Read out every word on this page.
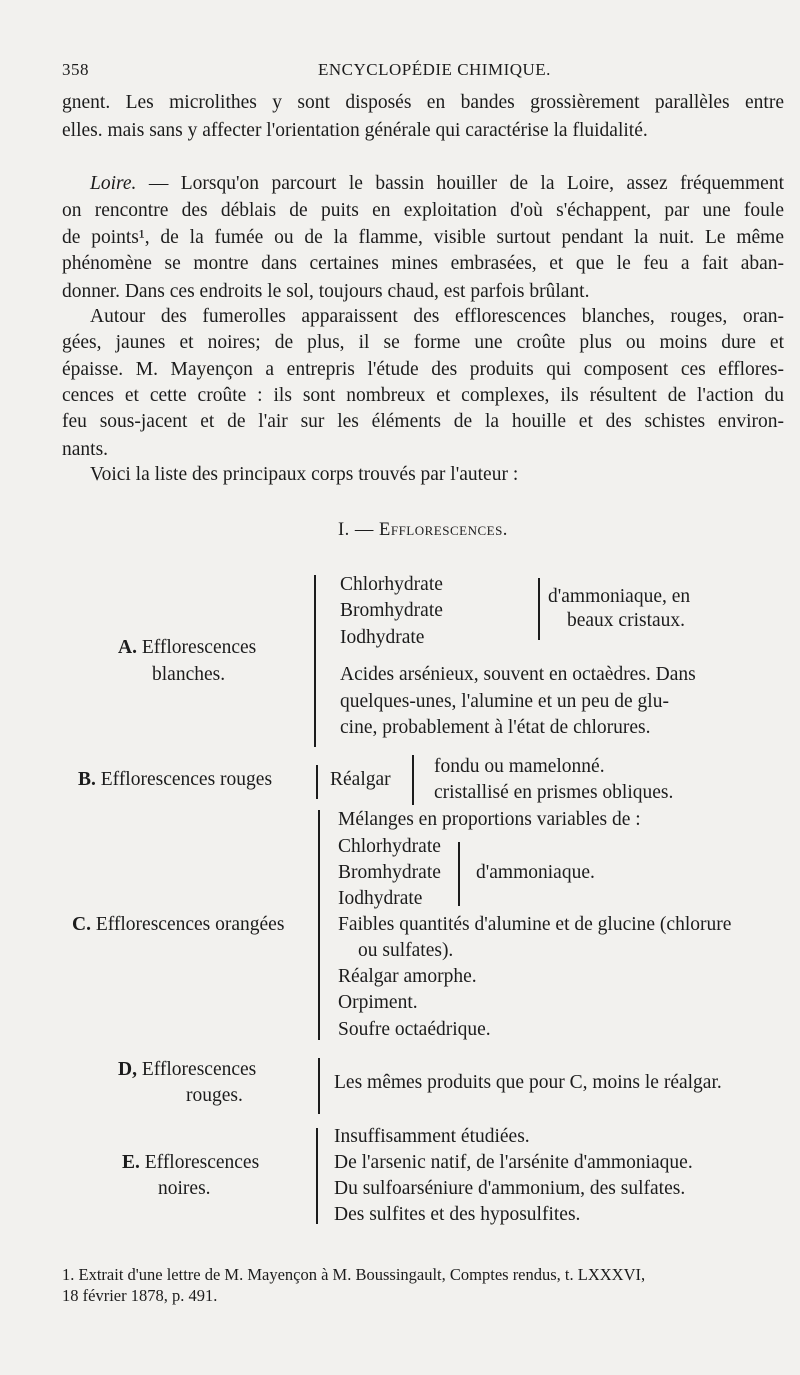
358	ENCYCLOPÉDIE CHIMIQUE.
gnent. Les microlithes y sont disposés en bandes grossièrement parallèles entre
elles. mais sans y affecter l'orientation générale qui caractérise la fluidalité.
Loire. — Lorsqu'on parcourt le bassin houiller de la Loire, assez fréquemment
on rencontre des déblais de puits en exploitation d'où s'échappent, par une foule
de points¹, de la fumée ou de la flamme, visible surtout pendant la nuit. Le même
phénomène se montre dans certaines mines embrasées, et que le feu a fait aban-
donner. Dans ces endroits le sol, toujours chaud, est parfois brûlant.
Autour des fumerolles apparaissent des efflorescences blanches, rouges, oran-
gées, jaunes et noires; de plus, il se forme une croûte plus ou moins dure et
épaisse. M. Mayençon a entrepris l'étude des produits qui composent ces efflores-
cences et cette croûte : ils sont nombreux et complexes, ils résultent de l'action du
feu sous-jacent et de l'air sur les éléments de la houille et des schistes environ-
nants.
Voici la liste des principaux corps trouvés par l'auteur :
I. — Efflorescences.
Chlorhydrate
Bromhydrate
Iodhydrate
d'ammoniaque, en
beaux cristaux.
Acides arsénieux, souvent en octaèdres. Dans
quelques-unes, l'alumine et un peu de glu-
cine, probablement à l'état de chlorures.
A. Efflorescences
blanches.
B. Efflorescences rouges	Réalgar
fondu ou mamelonné.
cristallisé en prismes obliques.
Mélanges en proportions variables de :
Chlorhydrate
Bromhydrate
Iodhydrate
d'ammoniaque.
Faibles quantités d'alumine et de glucine (chlorure
ou sulfates).
Réalgar amorphe.
Orpiment.
Soufre octaédrique.
C. Efflorescences orangées
D, Efflorescences
rouges.
Les mêmes produits que pour C, moins le réalgar.
Insuffisamment étudiées.
De l'arsenic natif, de l'arsénite d'ammoniaque.
Du sulfoarséniure d'ammonium, des sulfates.
Des sulfites et des hyposulfites.
E. Efflorescences
noires.
1. Extrait d'une lettre de M. Mayençon à M. Boussingault, Comptes rendus, t. LXXXVI,
18 février 1878, p. 491.
